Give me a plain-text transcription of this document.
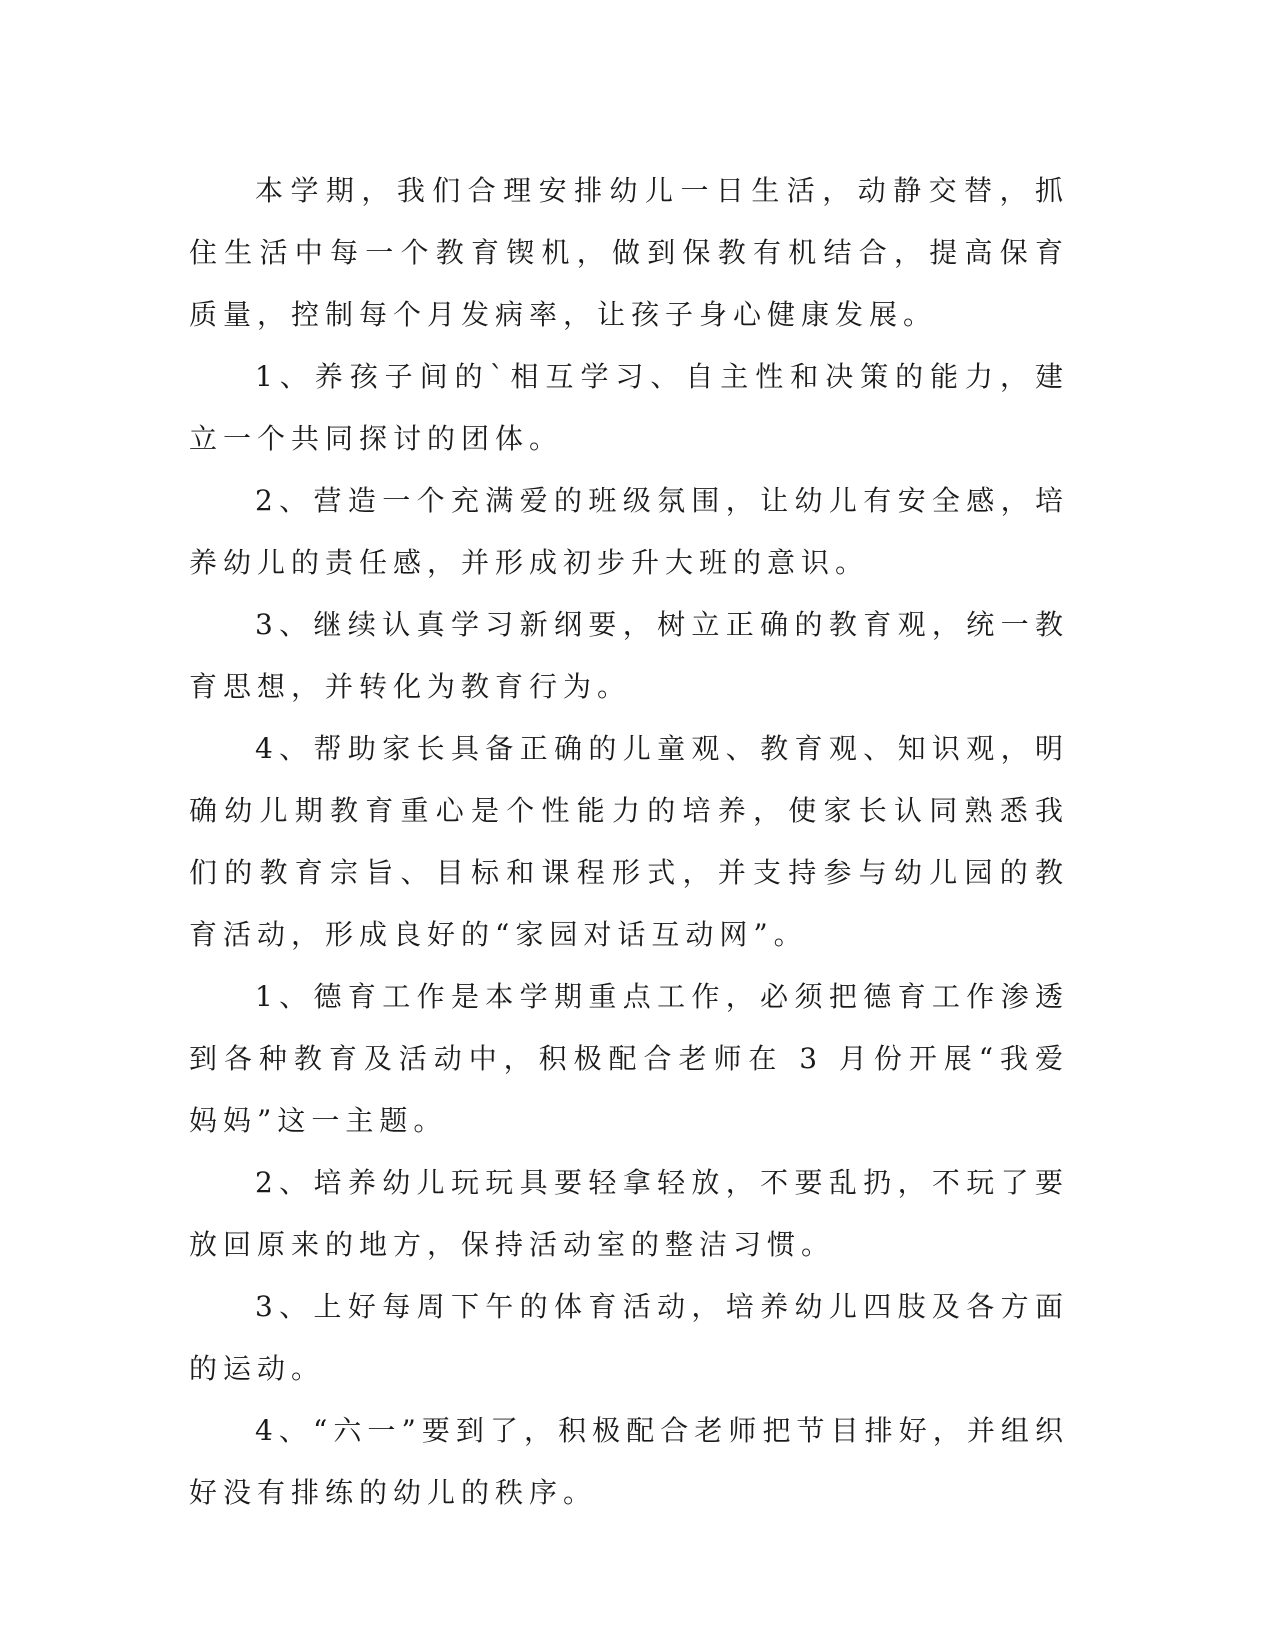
本学期，我们合理安排幼儿一日生活，动静交替，抓住生活中每一个教育锲机，做到保教有机结合，提高保育质量，控制每个月发病率，让孩子身心健康发展。

1、养孩子间的`相互学习、自主性和决策的能力，建立一个共同探讨的团体。

2、营造一个充满爱的班级氛围，让幼儿有安全感，培养幼儿的责任感，并形成初步升大班的意识。

3、继续认真学习新纲要，树立正确的教育观，统一教育思想，并转化为教育行为。

4、帮助家长具备正确的儿童观、教育观、知识观，明确幼儿期教育重心是个性能力的培养，使家长认同熟悉我们的教育宗旨、目标和课程形式，并支持参与幼儿园的教育活动，形成良好的“家园对话互动网”。

1、德育工作是本学期重点工作，必须把德育工作渗透到各种教育及活动中，积极配合老师在 3 月份开展“我爱妈妈”这一主题。

2、培养幼儿玩玩具要轻拿轻放，不要乱扔，不玩了要放回原来的地方，保持活动室的整洁习惯。

3、上好每周下午的体育活动，培养幼儿四肢及各方面的运动。

4、“六一”要到了，积极配合老师把节目排好，并组织好没有排练的幼儿的秩序。
